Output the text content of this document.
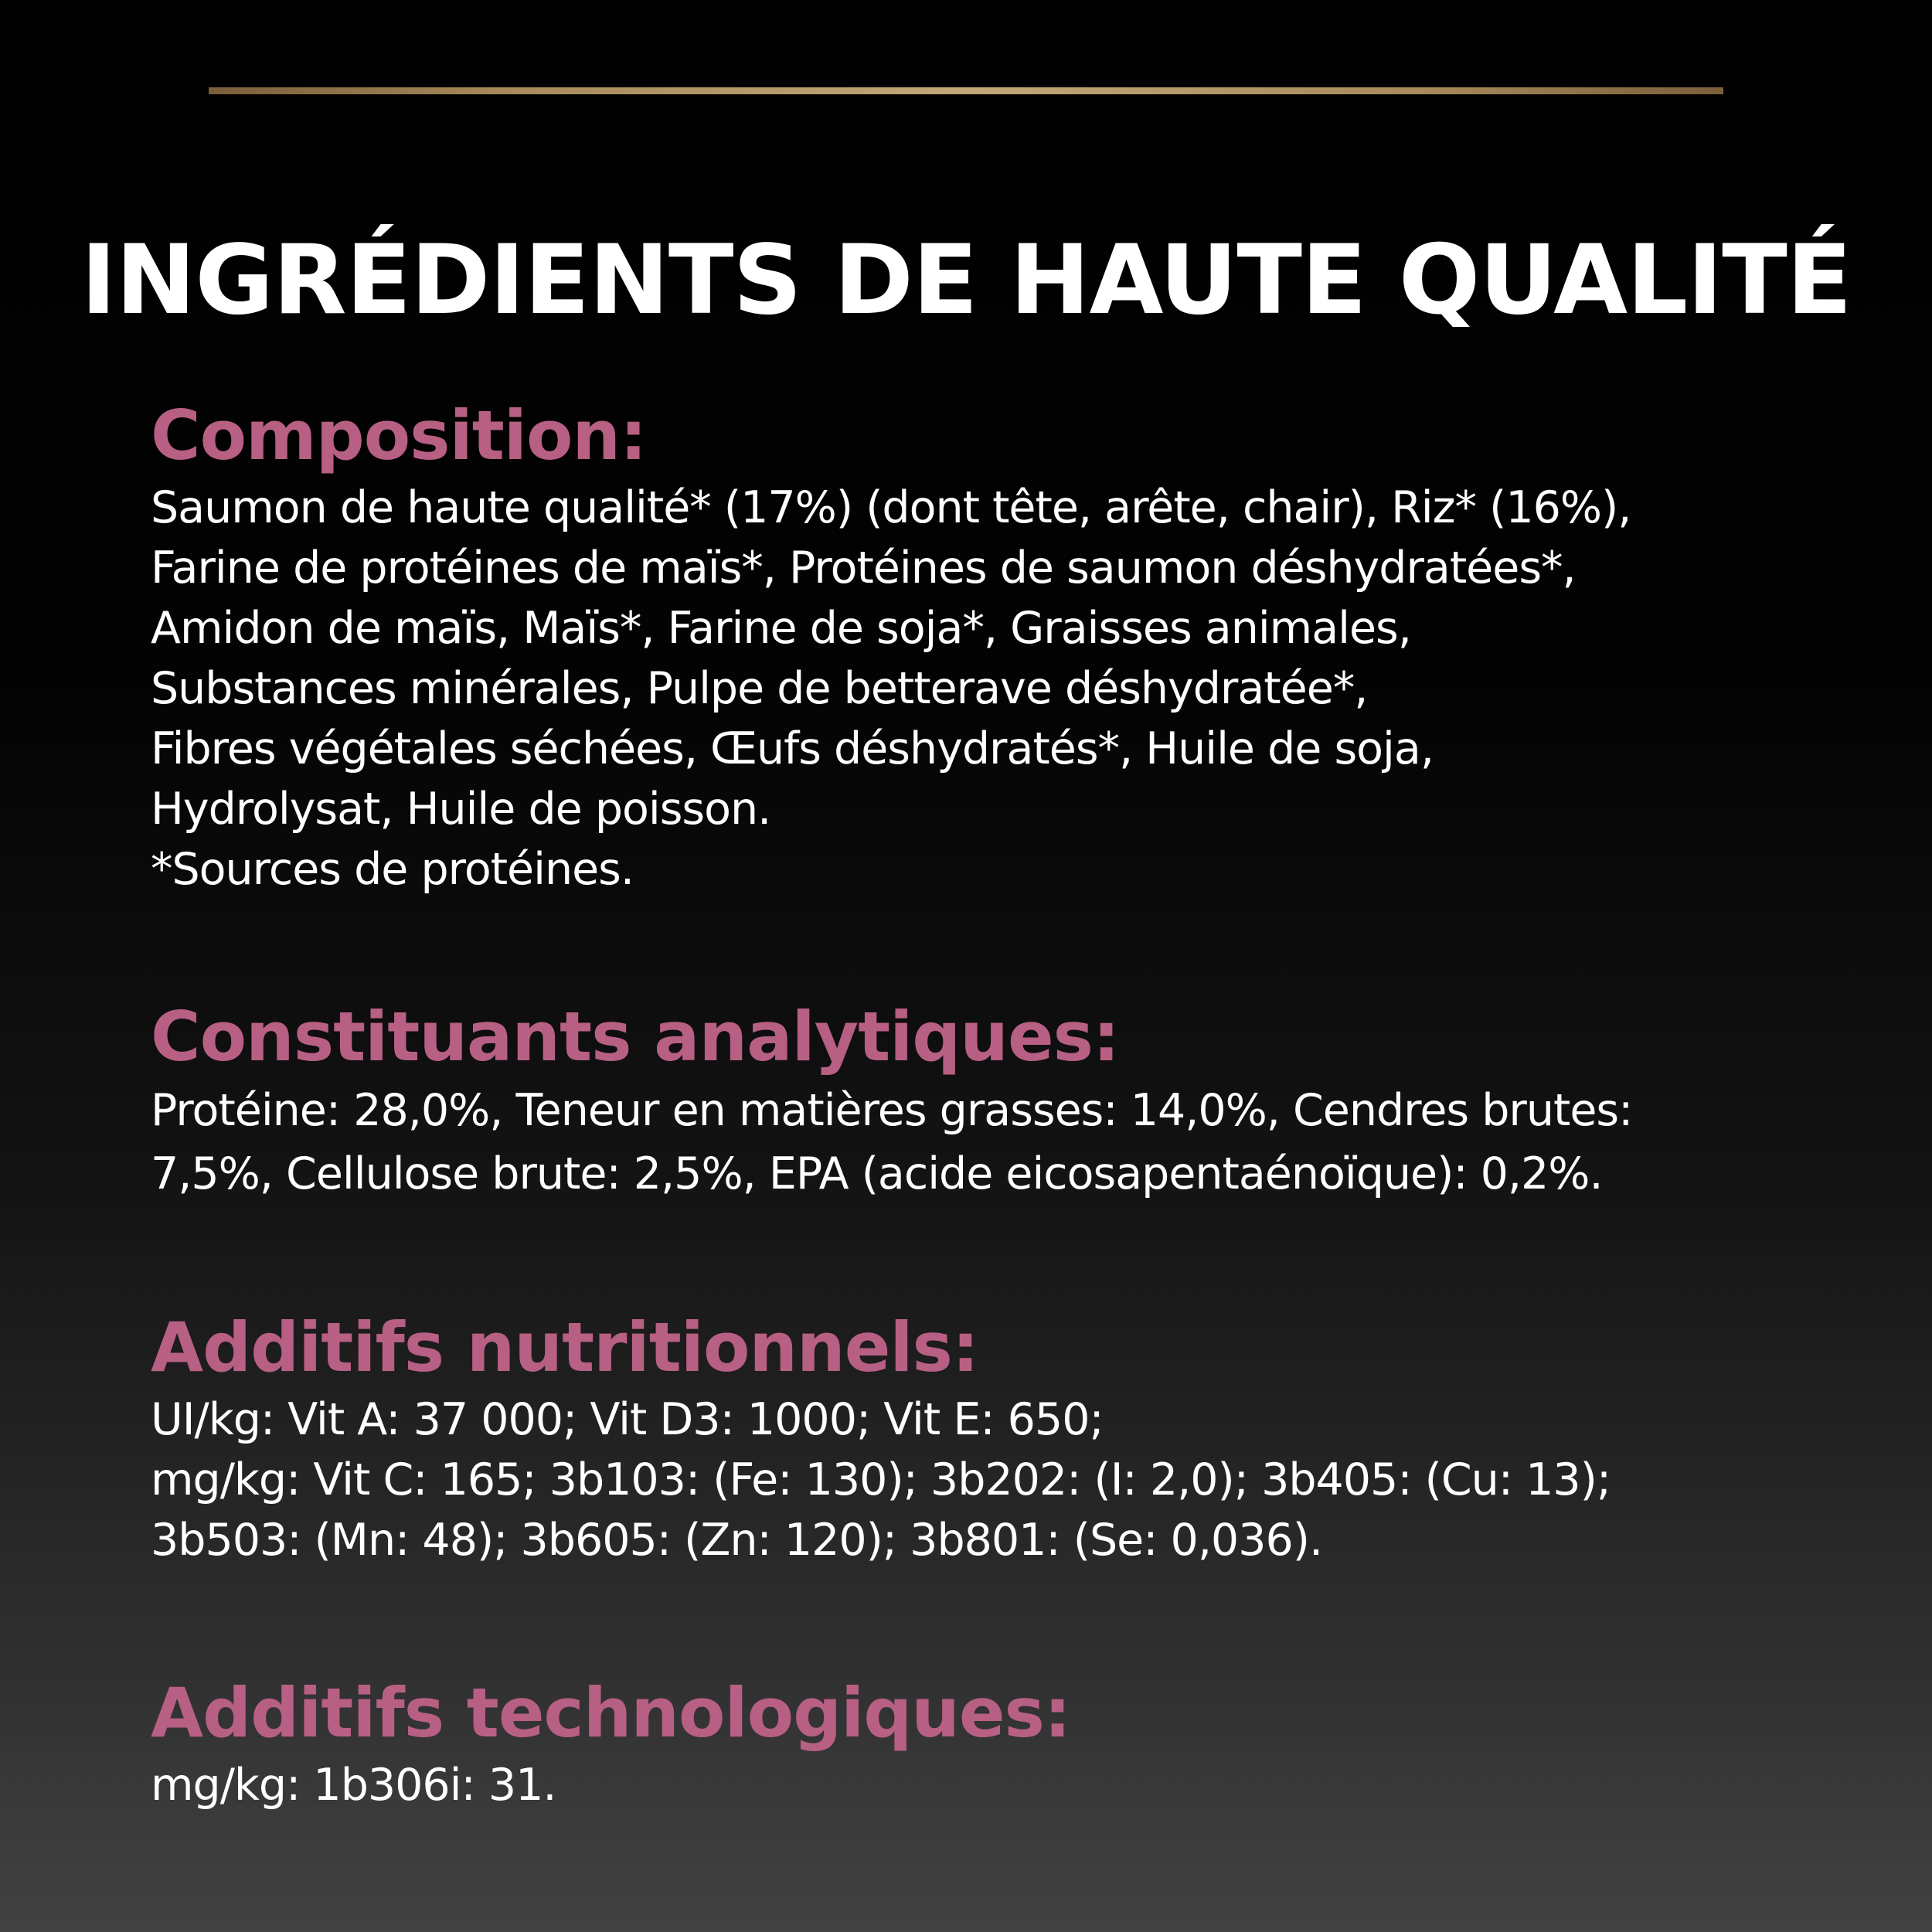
INGRÉDIENTS DE HAUTE QUALITÉ
Composition:
Saumon de haute qualité* (17%) (dont tête, arête, chair), Riz* (16%),
Farine de protéines de maïs*, Protéines de saumon déshydratées*,
Amidon de maïs, Maïs*, Farine de soja*, Graisses animales,
Substances minérales, Pulpe de betterave déshydratée*,
Fibres végétales séchées, Œufs déshydratés*, Huile de soja,
Hydrolysat, Huile de poisson.
*Sources de protéines.
Constituants analytiques:
Protéine: 28,0%, Teneur en matières grasses: 14,0%, Cendres brutes:
7,5%, Cellulose brute: 2,5%, EPA (acide eicosapentaénoïque): 0,2%.
Additifs nutritionnels:
UI/kg: Vit A: 37 000; Vit D3: 1000; Vit E: 650;
mg/kg: Vit C: 165; 3b103: (Fe: 130); 3b202: (I: 2,0); 3b405: (Cu: 13);
3b503: (Mn: 48); 3b605: (Zn: 120); 3b801: (Se: 0,036).
Additifs technologiques:
mg/kg: 1b306i: 31.
